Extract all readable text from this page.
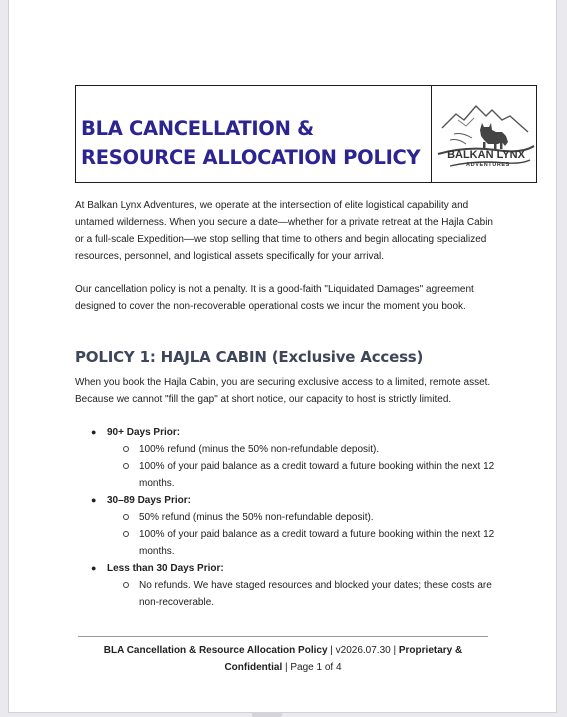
BLA CANCELLATION &
RESOURCE ALLOCATION POLICY	BALKAN LYNX
ADVENTURES
At Balkan Lynx Adventures, we operate at the intersection of elite logistical capability and untamed wilderness. When you secure a date—whether for a private retreat at the Hajla Cabin or a full-scale Expedition—we stop selling that time to others and begin allocating specialized resources, personnel, and logistical assets specifically for your arrival.
Our cancellation policy is not a penalty. It is a good-faith "Liquidated Damages" agreement designed to cover the non-recoverable operational costs we incur the moment you book.
POLICY 1: HAJLA CABIN (Exclusive Access)
When you book the Hajla Cabin, you are securing exclusive access to a limited, remote asset. Because we cannot "fill the gap" at short notice, our capacity to host is strictly limited.
● 90+ Days Prior:
100% refund (minus the 50% non-refundable deposit).
100% of your paid balance as a credit toward a future booking within the next 12 months.
● 30–89 Days Prior:
50% refund (minus the 50% non-refundable deposit).
100% of your paid balance as a credit toward a future booking within the next 12 months.
● Less than 30 Days Prior:
No refunds. We have staged resources and blocked your dates; these costs are non-recoverable.
BLA Cancellation & Resource Allocation Policy | v2026.07.30 | Proprietary & Confidential | Page 1 of 4
